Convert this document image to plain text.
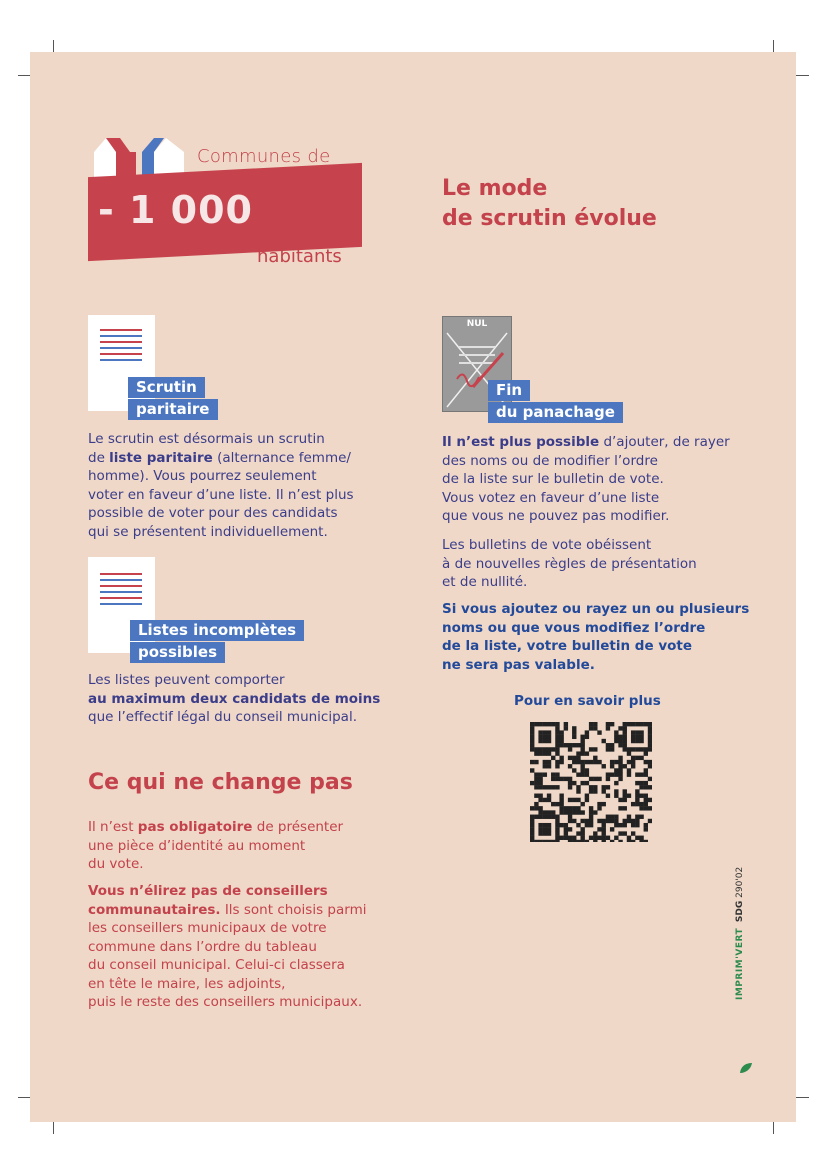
Communes de
- 1 000
habitants
Le mode
de scrutin évolue
Scrutin
paritaire
Le scrutin est désormais un scrutin
de liste paritaire (alternance femme/
homme). Vous pourrez seulement
voter en faveur d’une liste. Il n’est plus
possible de voter pour des candidats
qui se présentent individuellement.
Listes incomplètes
possibles
Les listes peuvent comporter
au maximum deux candidats de moins
que l’effectif légal du conseil municipal.
Ce qui ne change pas
Il n’est pas obligatoire de présenter
une pièce d’identité au moment
du vote.
Vous n’élirez pas de conseillers
communautaires. Ils sont choisis parmi
les conseillers municipaux de votre
commune dans l’ordre du tableau
du conseil municipal. Celui-ci classera
en tête le maire, les adjoints,
puis le reste des conseillers municipaux.
NUL
Fin
du panachage
Il n’est plus possible d’ajouter, de rayer
des noms ou de modifier l’ordre
de la liste sur le bulletin de vote.
Vous votez en faveur d’une liste
que vous ne pouvez pas modifier.
Les bulletins de vote obéissent
à de nouvelles règles de présentation
et de nullité.
Si vous ajoutez ou rayez un ou plusieurs
noms ou que vous modifiez l’ordre
de la liste, votre bulletin de vote
ne sera pas valable.
Pour en savoir plus
IMPRIM'VERT  SDG 290'02
